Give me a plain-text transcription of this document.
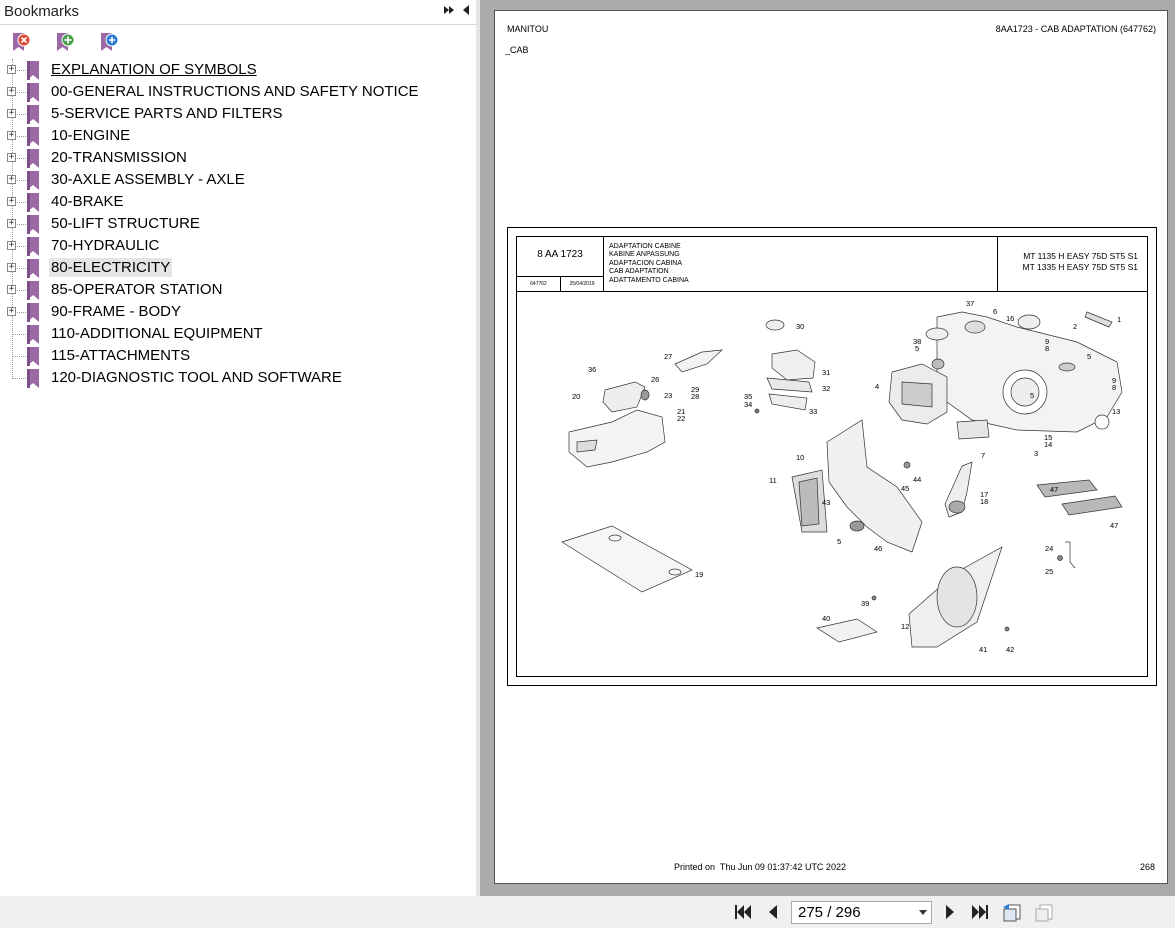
Bookmarks
+ EXPLANATION OF SYMBOLS
+ 00-GENERAL INSTRUCTIONS AND SAFETY NOTICE
+ 5-SERVICE PARTS AND FILTERS
+ 10-ENGINE
+ 20-TRANSMISSION
+ 30-AXLE ASSEMBLY - AXLE
+ 40-BRAKE
+ 50-LIFT STRUCTURE
+ 70-HYDRAULIC
+ 80-ELECTRICITY
+ 85-OPERATOR STATION
+ 90-FRAME - BODY
110-ADDITIONAL EQUIPMENT
115-ATTACHMENTS
120-DIAGNOSTIC TOOL AND SOFTWARE
MANITOU	8AA1723 - CAB ADAPTATION (647762)
_CAB
8 AA 1723
647762	25/04/2019
ADAPTATION CABINE
KABINE ANPASSUNG
ADAPTACION CABINA
CAB ADAPTATION
ADATTAMENTO CABINA
MT 1135 H EASY 75D ST5 S1
MT 1335 H EASY 75D ST5 S1
1
2
3
4
5
5
5
5
6
7
8
8
9
9
10
11
12
13
14
15
16
17
18
19
20
21
22
23
24
25
26
27
28
29
30
31
32
33
34
35
36
37
38
39
40
41 42
43
44
45
46
47
47
Printed on Thu Jun 09 01:37:42 UTC 2022	268
275 / 296
